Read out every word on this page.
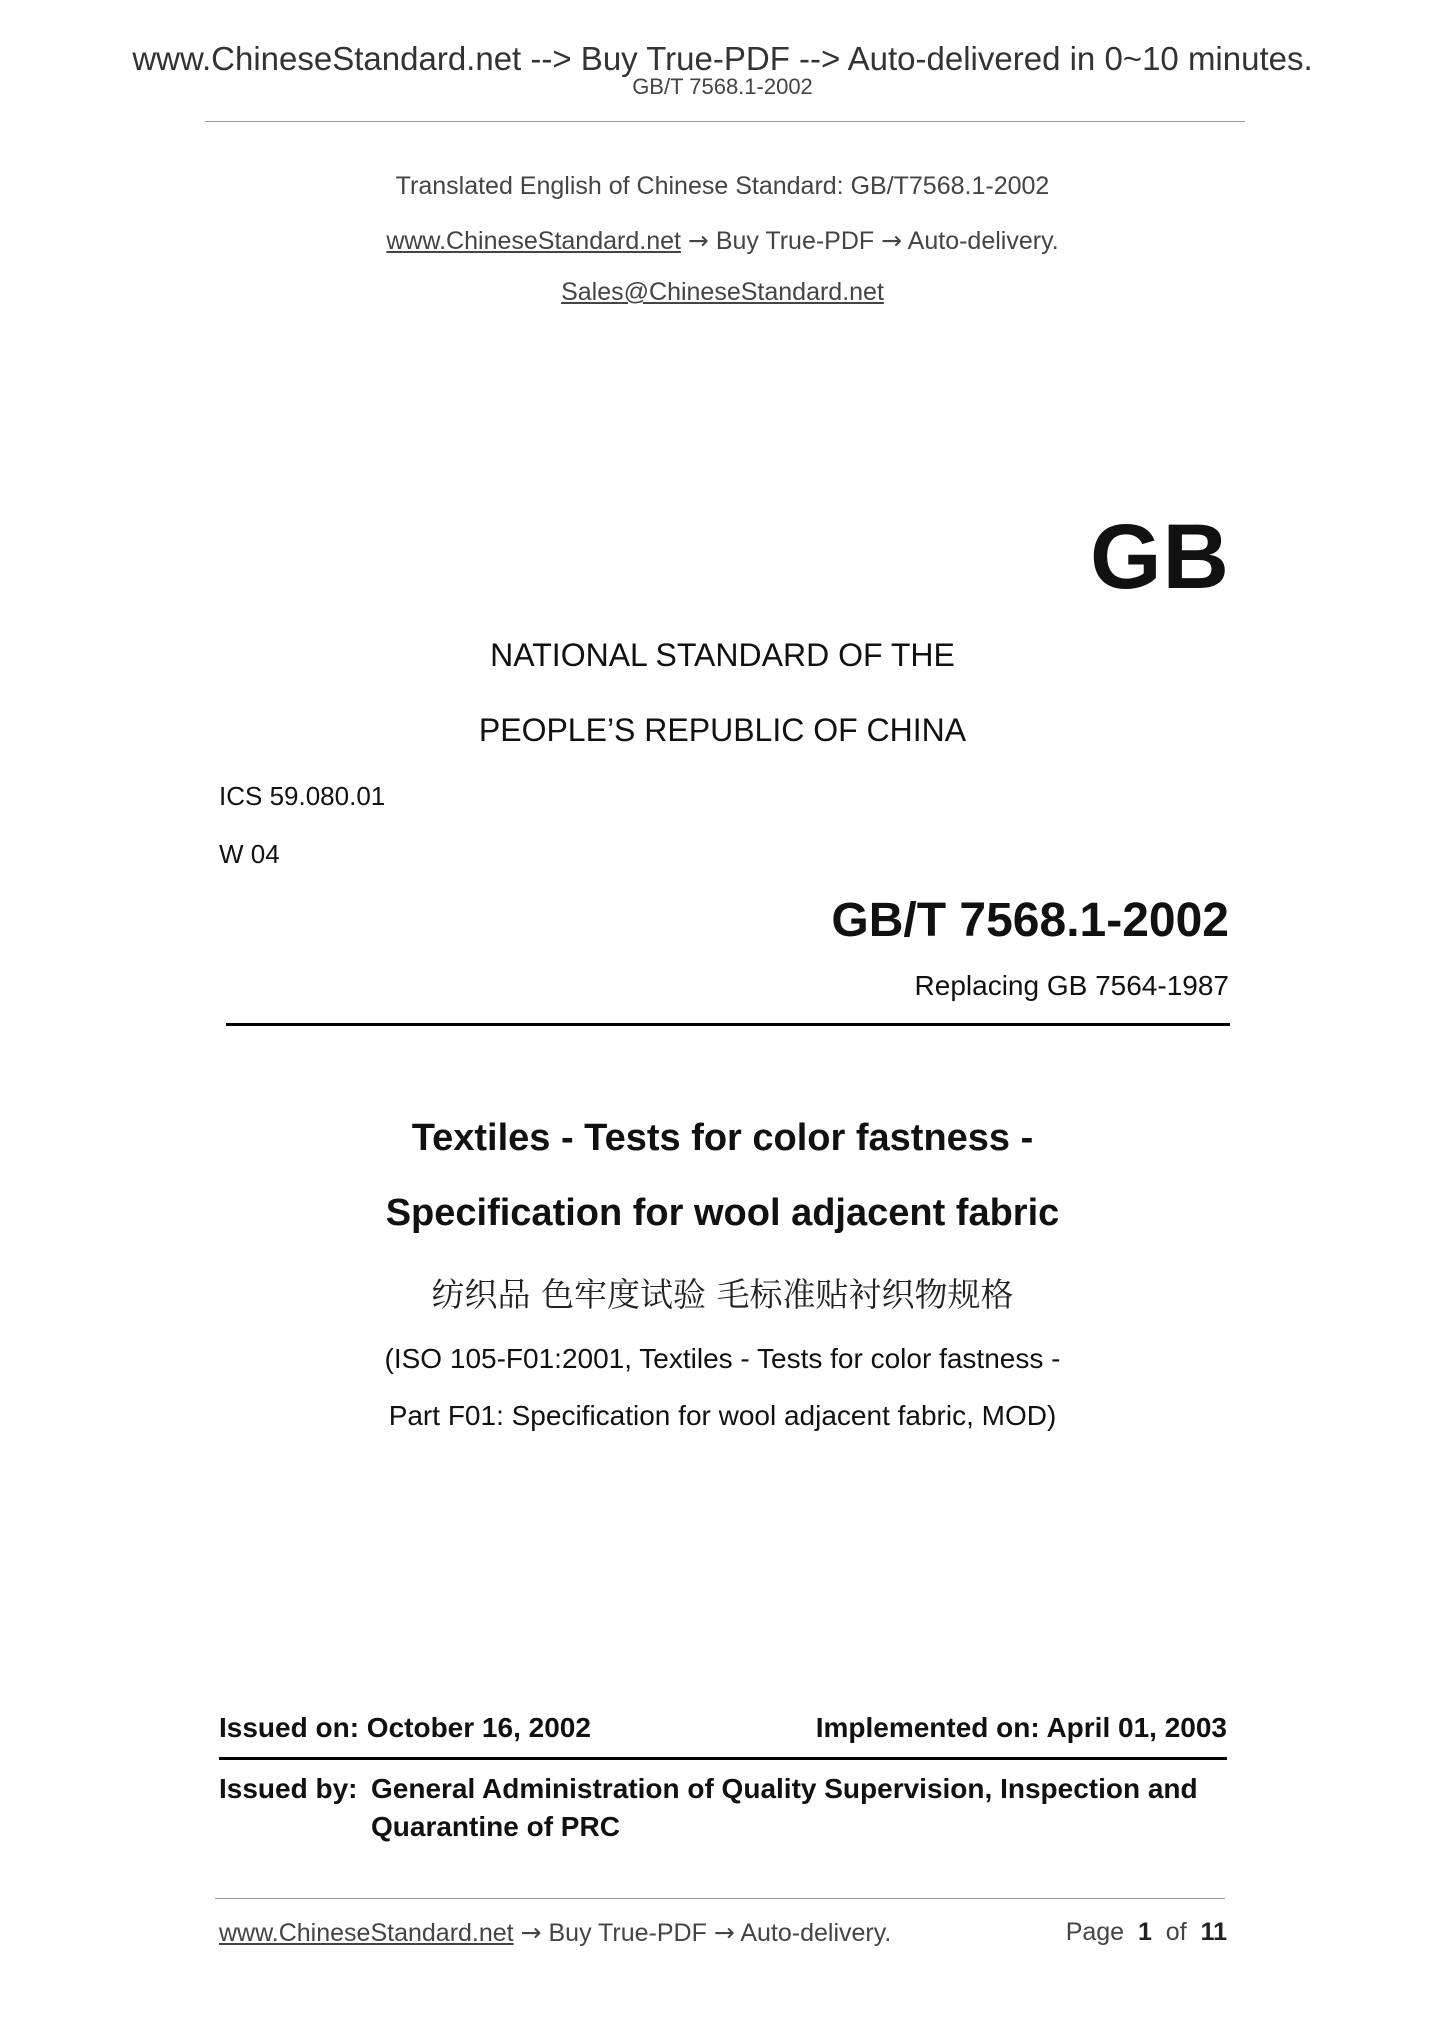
www.ChineseStandard.net --> Buy True-PDF --> Auto-delivered in 0~10 minutes.
GB/T 7568.1-2002
Translated English of Chinese Standard: GB/T7568.1-2002
www.ChineseStandard.net → Buy True-PDF → Auto-delivery.
Sales@ChineseStandard.net
GB
NATIONAL STANDARD OF THE
PEOPLE’S REPUBLIC OF CHINA
ICS 59.080.01
W 04
GB/T 7568.1-2002
Replacing GB 7564-1987
Textiles - Tests for color fastness -
Specification for wool adjacent fabric
纺织品 色牢度试验 毛标准贴衬织物规格
(ISO 105-F01:2001, Textiles - Tests for color fastness -
Part F01: Specification for wool adjacent fabric, MOD)
Issued on: October 16, 2002	Implemented on: April 01, 2003
Issued by: General Administration of Quality Supervision, Inspection and
Quarantine of PRC
www.ChineseStandard.net → Buy True-PDF → Auto-delivery.	Page 1 of 11
